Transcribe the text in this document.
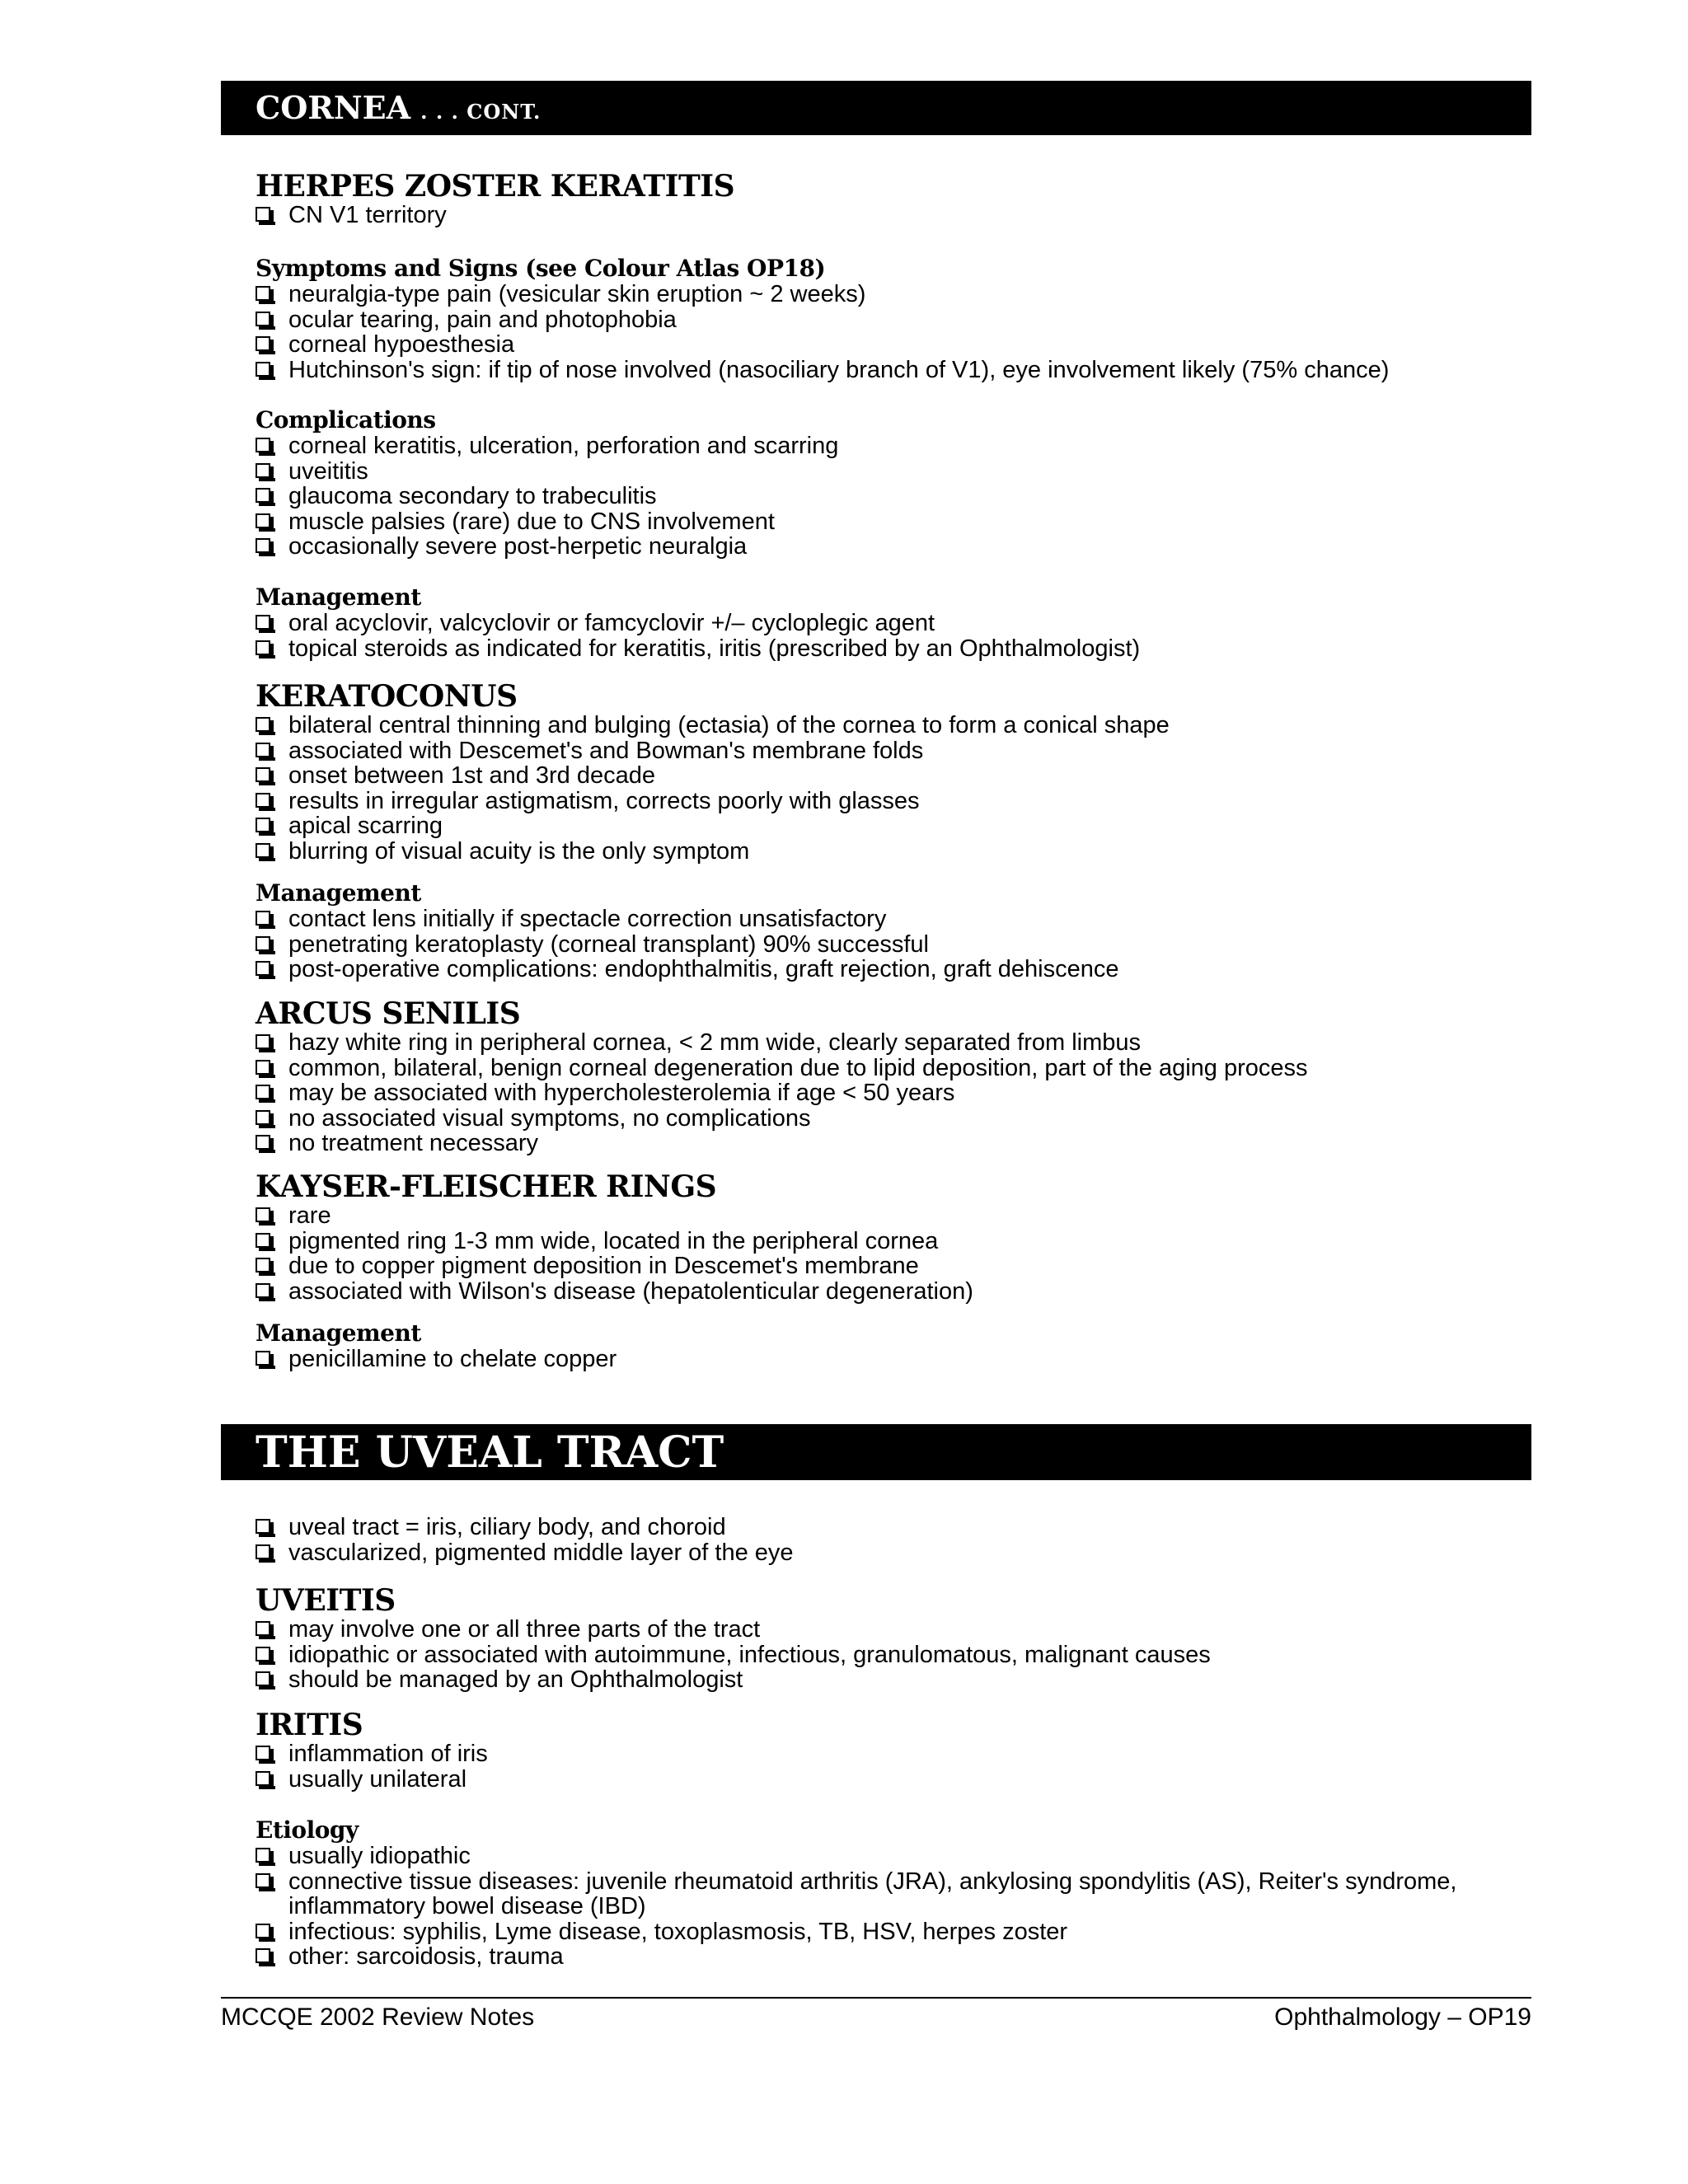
CORNEA . . . CONT.
HERPES ZOSTER KERATITIS
CN V1 territory
Symptoms and Signs (see Colour Atlas OP18)
neuralgia-type pain (vesicular skin eruption ~ 2 weeks)
ocular tearing, pain and photophobia
corneal hypoesthesia
Hutchinson's sign: if tip of nose involved (nasociliary branch of V1), eye involvement likely (75% chance)
Complications
corneal keratitis, ulceration, perforation and scarring
uveititis
glaucoma secondary to trabeculitis
muscle palsies (rare) due to CNS involvement
occasionally severe post-herpetic neuralgia
Management
oral acyclovir, valcyclovir or famcyclovir +/– cycloplegic agent
topical steroids as indicated for keratitis, iritis (prescribed by an Ophthalmologist)
KERATOCONUS
bilateral central thinning and bulging (ectasia) of the cornea to form a conical shape
associated with Descemet's and Bowman's membrane folds
onset between 1st and 3rd decade
results in irregular astigmatism, corrects poorly with glasses
apical scarring
blurring of visual acuity is the only symptom
Management
contact lens initially if spectacle correction unsatisfactory
penetrating keratoplasty (corneal transplant) 90% successful
post-operative complications: endophthalmitis, graft rejection, graft dehiscence
ARCUS SENILIS
hazy white ring in peripheral cornea, < 2 mm wide, clearly separated from limbus
common, bilateral, benign corneal degeneration due to lipid deposition, part of the aging process
may be associated with hypercholesterolemia if age < 50 years
no associated visual symptoms, no complications
no treatment necessary
KAYSER-FLEISCHER RINGS
rare
pigmented ring 1-3 mm wide, located in the peripheral cornea
due to copper pigment deposition in Descemet's membrane
associated with Wilson's disease (hepatolenticular degeneration)
Management
penicillamine to chelate copper
THE UVEAL TRACT
uveal tract = iris, ciliary body, and choroid
vascularized, pigmented middle layer of the eye
UVEITIS
may involve one or all three parts of the tract
idiopathic or associated with autoimmune, infectious, granulomatous, malignant causes
should be managed by an Ophthalmologist
IRITIS
inflammation of iris
usually unilateral
Etiology
usually idiopathic
connective tissue diseases: juvenile rheumatoid arthritis (JRA), ankylosing spondylitis (AS), Reiter's syndrome, inflammatory bowel disease (IBD)
infectious: syphilis, Lyme disease, toxoplasmosis, TB, HSV, herpes zoster
other: sarcoidosis, trauma
MCCQE 2002 Review Notes	Ophthalmology – OP19
